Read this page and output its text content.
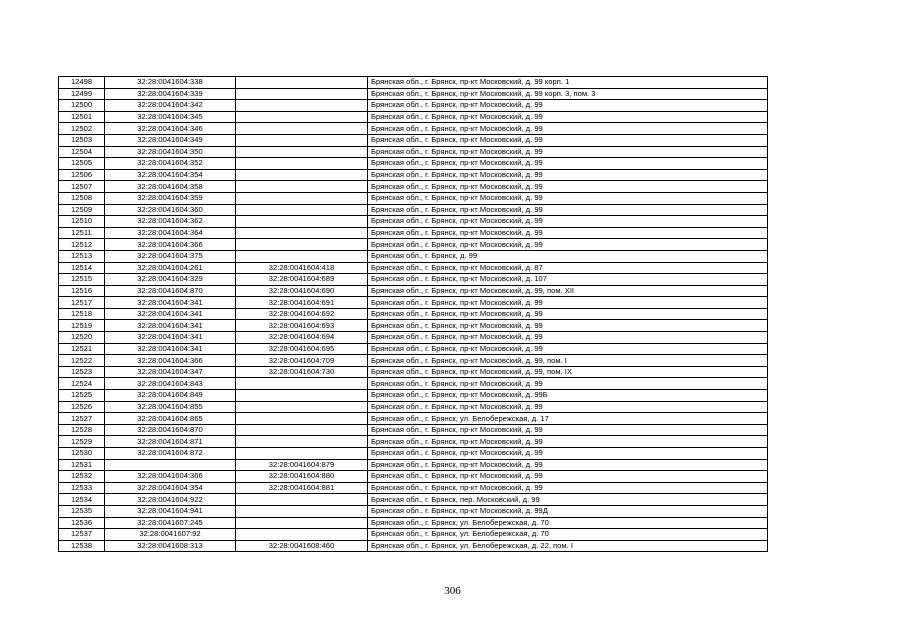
12498	32:28:0041604:338		Брянская обл., г. Брянск, пр-кт Московский, д. 99 корп. 1
12499	32:28:0041604:339		Брянская обл., г. Брянск, пр-кт Московский, д. 99 корп. 3, пом. 3
12500	32:28:0041604:342		Брянская обл., г. Брянск, пр-кт Московский, д. 99
12501	32:28:0041604:345		Брянская обл., г. Брянск, пр-кт Московский, д. 99
12502	32:28:0041604:346		Брянская обл., г. Брянск, пр-кт Московский, д. 99
12503	32:28:0041604:349		Брянская обл., г. Брянск, пр-кт Московский, д. 99
12504	32:28:0041604:350		Брянская обл., г. Брянск, пр-кт Московский, д. 99
12505	32:28:0041604:352		Брянская обл., г. Брянск, пр-кт Московский, д. 99
12506	32:28:0041604:354		Брянская обл., г. Брянск, пр-кт Московский, д. 99
12507	32:28:0041604:358		Брянская обл., г. Брянск, пр-кт Московский, д. 99
12508	32:28:0041604:359		Брянская обл., г. Брянск, пр-кт Московский, д. 99
12509	32:28:0041604:360		Брянская обл., г. Брянск, пр-кт Московский, д. 99
12510	32:28:0041604:362		Брянская обл., г. Брянск, пр-кт Московский, д. 99
12511	32:28:0041604:364		Брянская обл., г. Брянск, пр-кт Московский, д. 99
12512	32:28:0041604:366		Брянская обл., г. Брянск, пр-кт Московский, д. 99
12513	32:28:0041604:375		Брянская обл., г. Брянск, д. 99
12514	32:28:0041604:261	32:28:0041604:418	Брянская обл., г. Брянск, пр-кт Московский, д. 87
12515	32:28:0041604:329	32:28:0041604:689	Брянская обл., г. Брянск, пр-кт Московский, д. 107
12516	32:28:0041604:870	32:28:0041604:690	Брянская обл., г. Брянск, пр-кт Московский, д. 99, пом. XII
12517	32:28:0041604:341	32:28:0041604:691	Брянская обл., г. Брянск, пр-кт Московский, д. 99
12518	32:28:0041604:341	32:28:0041604:692	Брянская обл., г. Брянск, пр-кт Московский, д. 99
12519	32:28:0041604:341	32:28:0041604:693	Брянская обл., г. Брянск, пр-кт Московский, д. 99
12520	32:28:0041604:341	32:28:0041604:694	Брянская обл., г. Брянск, пр-кт Московский, д. 99
12521	32:28:0041604:341	32:28:0041604:695	Брянская обл., г. Брянск, пр-кт Московский, д. 99
12522	32:28:0041604:366	32:28:0041604:709	Брянская обл., г. Брянск, пр-кт Московский, д. 99, пом. I
12523	32:28:0041604:347	32:28:0041604:730	Брянская обл., г. Брянск, пр-кт Московский, д. 99, пом. IX
12524	32:28:0041604:843		Брянская обл., г. Брянск, пр-кт Московский, д. 99
12525	32:28:0041604:849		Брянская обл., г. Брянск, пр-кт Московский, д. 99Б
12526	32:28:0041604:855		Брянская обл., г. Брянск, пр-кт Московский, д. 99
12527	32:28:0041604:865		Брянская обл., г. Брянск, ул. Белобережская, д. 17
12528	32:28:0041604:870		Брянская обл., г. Брянск, пр-кт Московский, д. 99
12529	32:28:0041604:871		Брянская обл., г. Брянск, пр-кт Московский, д. 99
12530	32:28:0041604:872		Брянская обл., г. Брянск, пр-кт Московский, д. 99
12531		32:28:0041604:879	Брянская обл., г. Брянск, пр-кт Московский, д. 99
12532	32:28:0041604:366	32:28:0041604:880	Брянская обл., г. Брянск, пр-кт Московский, д. 99
12533	32:28:0041604:354	32:28:0041604:881	Брянская обл., г. Брянск, пр-кт Московский, д. 99
12534	32:28:0041604:922		Брянская обл., г. Брянск, пер. Московский, д. 99
12535	32:28:0041604:941		Брянская обл., г. Брянск, пр-кт Московский, д. 99Д
12536	32:28:0041607:245		Брянская обл., г. Брянск, ул. Белобережская, д. 70
12537	32:28:0041607:92		Брянская обл., г. Брянск, ул. Белобережская, д. 70
12538	32:28:0041608:313	32:28:0041608:460	Брянская обл., г. Брянск, ул. Белобережская, д. 22, пом. I
306
